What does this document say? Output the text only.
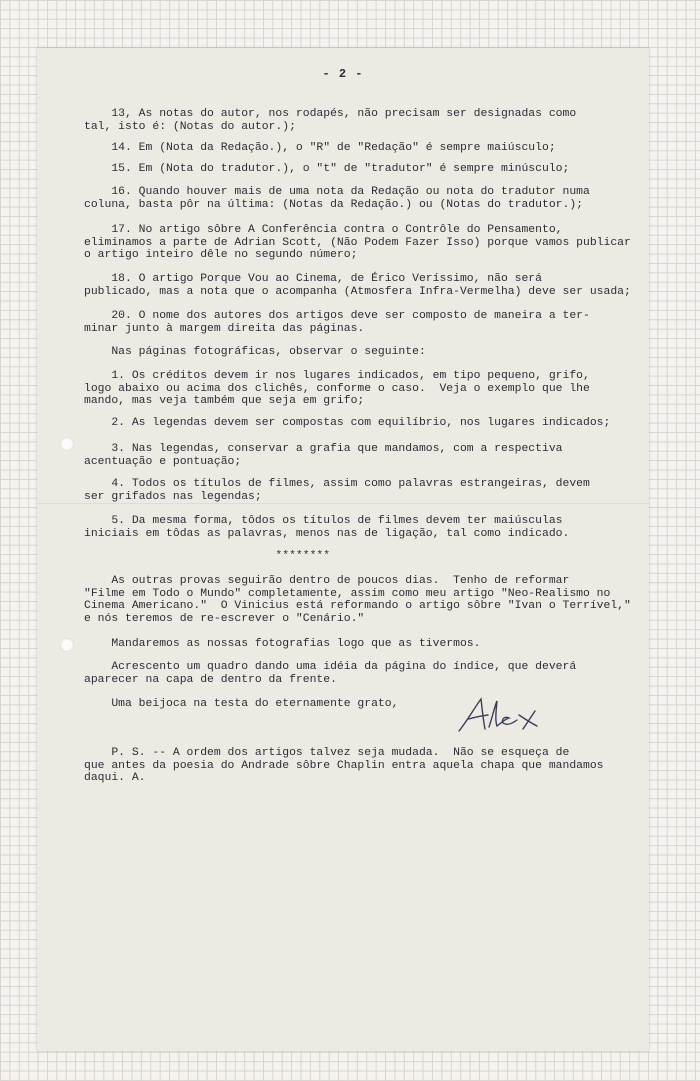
- 2 -
13, As notas do autor, nos rodapés, não precisam ser designadas como
tal, isto é: (Notas do autor.);
14. Em (Nota da Redação.), o "R" de "Redação" é sempre maiúsculo;
15. Em (Nota do tradutor.), o "t" de "tradutor" é sempre minúsculo;
16. Quando houver mais de uma nota da Redação ou nota do tradutor numa
coluna, basta pôr na última: (Notas da Redação.) ou (Notas do tradutor.);
17. No artigo sôbre A Conferência contra o Contrôle do Pensamento,
eliminamos a parte de Adrian Scott, (Não Podem Fazer Isso) porque vamos publicar
o artigo inteiro dêle no segundo número;
18. O artigo Porque Vou ao Cinema, de Érico Veríssimo, não será
publicado, mas a nota que o acompanha (Atmosfera Infra-Vermelha) deve ser usada;
20. O nome dos autores dos artigos deve ser composto de maneira a ter-
minar junto à margem direita das páginas.
Nas páginas fotográficas, observar o seguinte:
1. Os créditos devem ir nos lugares indicados, em tipo pequeno, grifo,
logo abaixo ou acima dos clichês, conforme o caso.  Veja o exemplo que lhe
mando, mas veja também que seja em grifo;
2. As legendas devem ser compostas com equilíbrio, nos lugares indicados;
3. Nas legendas, conservar a grafia que mandamos, com a respectiva
acentuação e pontuação;
4. Todos os títulos de filmes, assim como palavras estrangeiras, devem
ser grifados nas legendas;
5. Da mesma forma, tôdos os títulos de filmes devem ter maiúsculas
iniciais em tôdas as palavras, menos nas de ligação, tal como indicado.
********
As outras provas seguirão dentro de poucos dias.  Tenho de reformar
"Filme em Todo o Mundo" completamente, assim como meu artigo "Neo-Realismo no
Cinema Americano."  O Vinicius está reformando o artigo sôbre "Ivan o Terrível,"
e nós teremos de re-escrever o "Cenário."
Mandaremos as nossas fotografias logo que as tivermos.
Acrescento um quadro dando uma idéia da página do índice, que deverá
aparecer na capa de dentro da frente.
Uma beijoca na testa do eternamente grato,
P. S. -- A ordem dos artigos talvez seja mudada.  Não se esqueça de
que antes da poesia do Andrade sôbre Chaplin entra aquela chapa que mandamos
daqui. A.
